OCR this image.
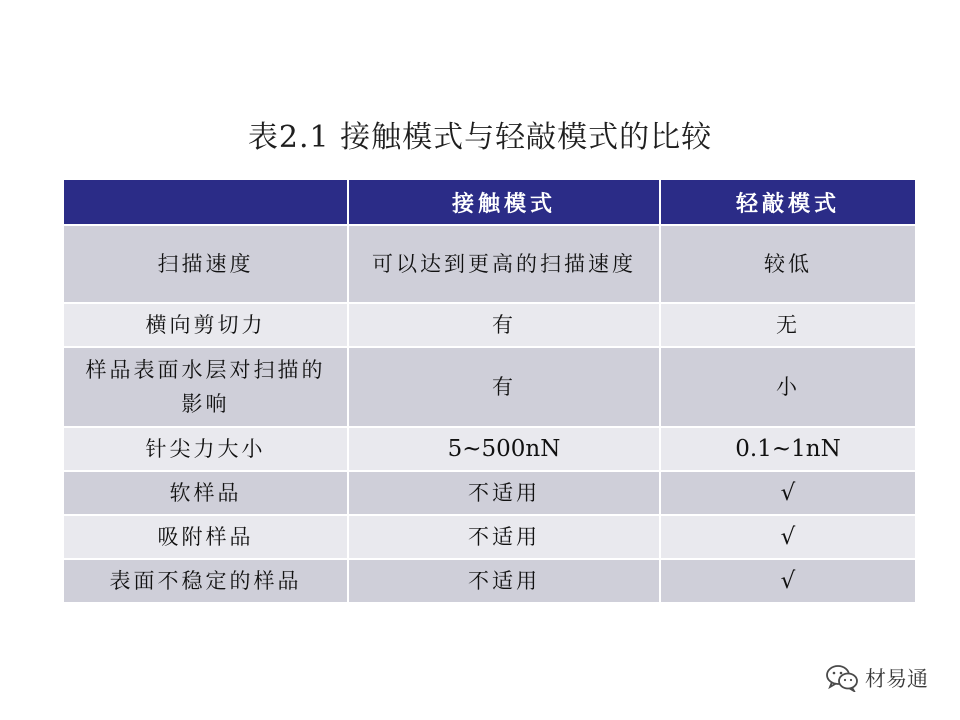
表2.1 接触模式与轻敲模式的比较
	接触模式	轻敲模式
扫描速度	可以达到更高的扫描速度	较低
横向剪切力	有	无
样品表面水层对扫描的影响	有	小
针尖力大小	5~500nN	0.1~1nN
软样品	不适用	√
吸附样品	不适用	√
表面不稳定的样品	不适用	√
材易通
